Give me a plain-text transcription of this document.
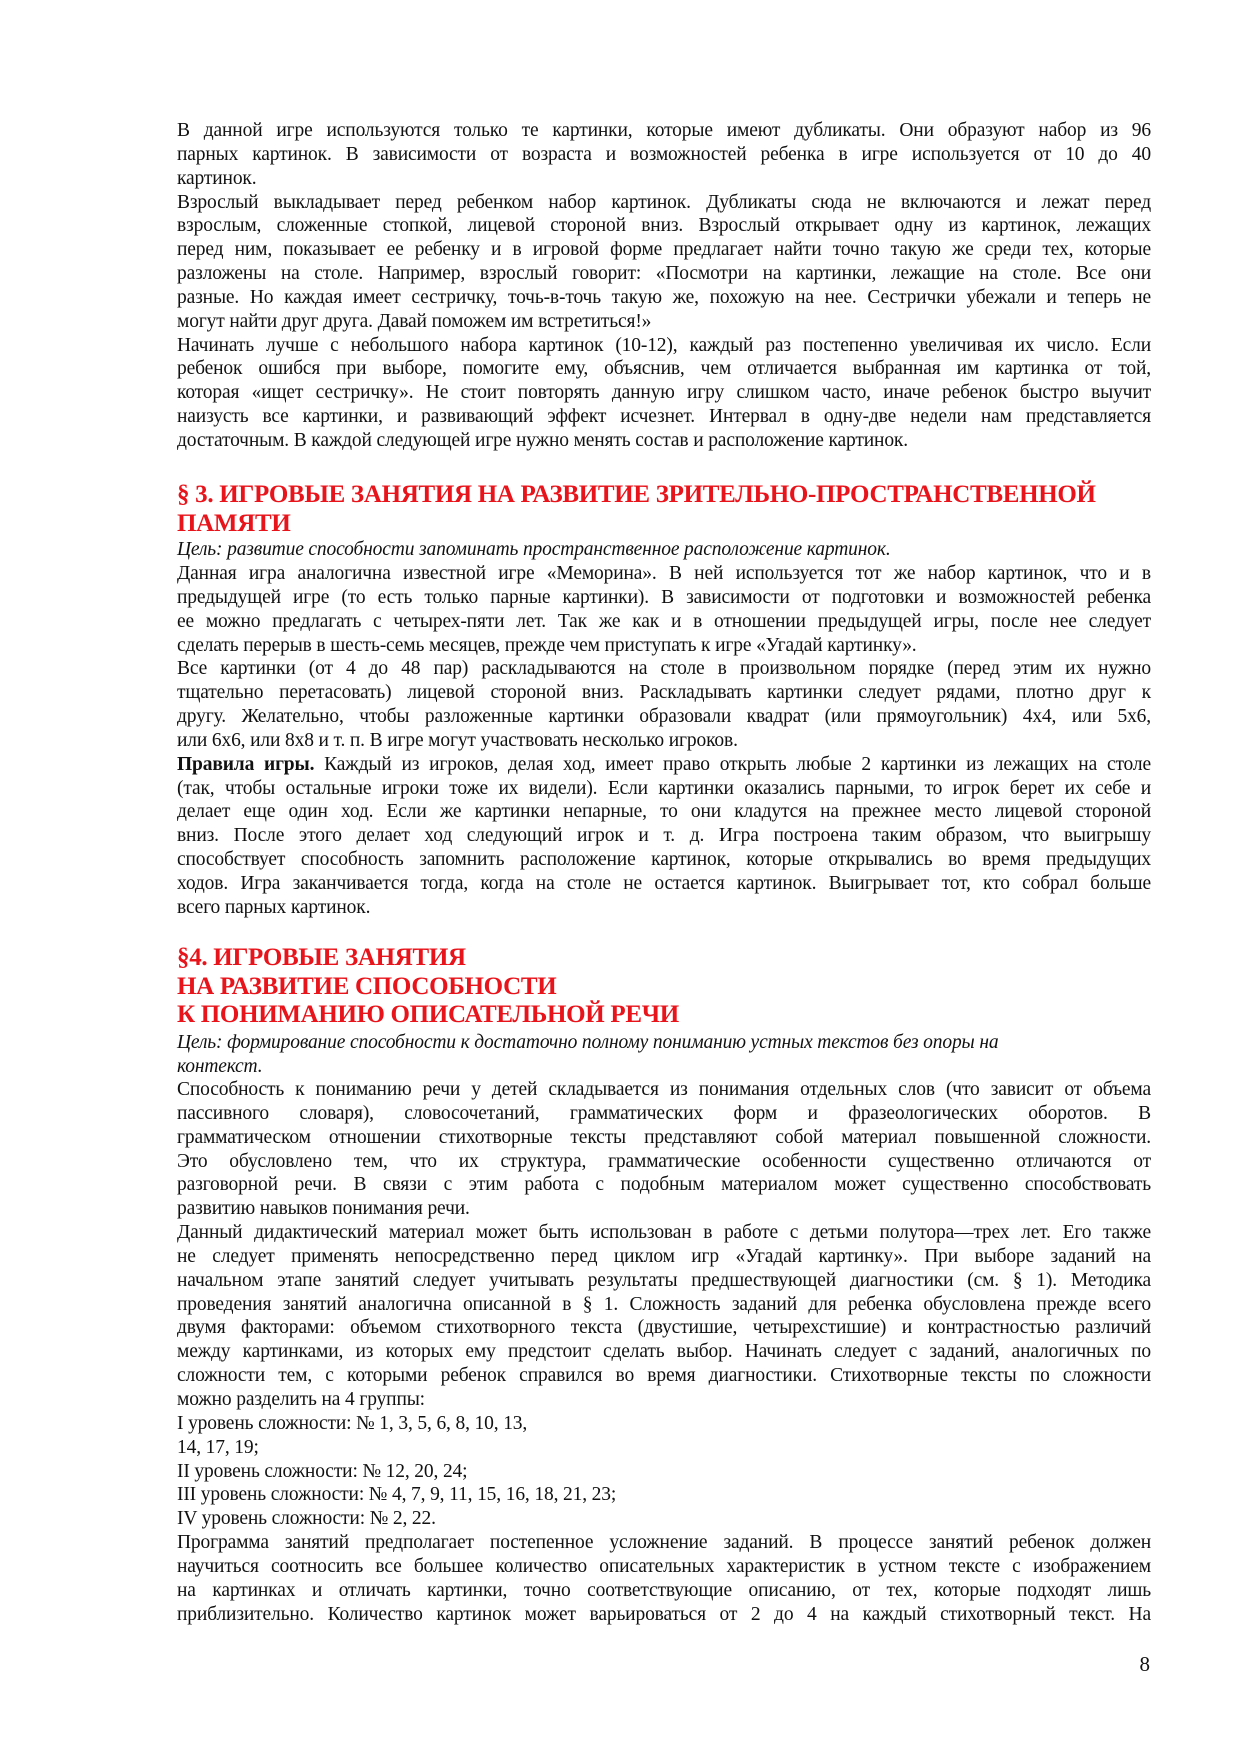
В данной игре используются только те картинки, которые имеют дубликаты. Они образуют набор из 96
парных картинок. В зависимости от возраста и возможностей ребенка в игре используется от 10 до 40
картинок.
Взрослый выкладывает перед ребенком набор картинок. Дубликаты сюда не включаются и лежат перед
взрослым, сложенные стопкой, лицевой стороной вниз. Взрослый открывает одну из картинок, лежащих
перед ним, показывает ее ребенку и в игровой форме предлагает найти точно такую же среди тех, которые
разложены на столе. Например, взрослый говорит: «Посмотри на картинки, лежащие на столе. Все они
разные. Но каждая имеет сестричку, точь-в-точь такую же, похожую на нее. Сестрички убежали и теперь не
могут найти друг друга. Давай поможем им встретиться!»
Начинать лучше с небольшого набора картинок (10-12), каждый раз постепенно увеличивая их число. Если
ребенок ошибся при выборе, помогите ему, объяснив, чем отличается выбранная им картинка от той,
которая «ищет сестричку». Не стоит повторять данную игру слишком часто, иначе ребенок быстро выучит
наизусть все картинки, и развивающий эффект исчезнет. Интервал в одну-две недели нам представляется
достаточным. В каждой следующей игре нужно менять состав и расположение картинок.
§ 3. ИГРОВЫЕ ЗАНЯТИЯ НА РАЗВИТИЕ ЗРИТЕЛЬНО-ПРОСТРАНСТВЕННОЙ
ПАМЯТИ
Цель: развитие способности запоминать пространственное расположение картинок.
Данная игра аналогична известной игре «Меморина». В ней используется тот же набор картинок, что и в
предыдущей игре (то есть только парные картинки). В зависимости от подготовки и возможностей ребенка
ее можно предлагать с четырех-пяти лет. Так же как и в отношении предыдущей игры, после нее следует
сделать перерыв в шесть-семь месяцев, прежде чем приступать к игре «Угадай картинку».
Все картинки (от 4 до 48 пар) раскладываются на столе в произвольном порядке (перед этим их нужно
тщательно перетасовать) лицевой стороной вниз. Раскладывать картинки следует рядами, плотно друг к
другу. Желательно, чтобы разложенные картинки образовали квадрат (или прямоугольник) 4x4, или 5x6,
или 6x6, или 8x8 и т. п. В игре могут участвовать несколько игроков.
Правила игры. Каждый из игроков, делая ход, имеет право открыть любые 2 картинки из лежащих на столе
(так, чтобы остальные игроки тоже их видели). Если картинки оказались парными, то игрок берет их себе и
делает еще один ход. Если же картинки непарные, то они кладутся на прежнее место лицевой стороной
вниз. После этого делает ход следующий игрок и т. д. Игра построена таким образом, что выигрышу
способствует способность запомнить расположение картинок, которые открывались во время предыдущих
ходов. Игра заканчивается тогда, когда на столе не остается картинок. Выигрывает тот, кто собрал больше
всего парных картинок.
§4. ИГРОВЫЕ ЗАНЯТИЯ
НА РАЗВИТИЕ СПОСОБНОСТИ
К ПОНИМАНИЮ ОПИСАТЕЛЬНОЙ РЕЧИ
Цель: формирование способности к достаточно полному пониманию устных текстов без опоры на
контекст.
Способность к пониманию речи у детей складывается из понимания отдельных слов (что зависит от объема
пассивного словаря), словосочетаний, грамматических форм и фразеологических оборотов. В
грамматическом отношении стихотворные тексты представляют собой материал повышенной сложности.
Это обусловлено тем, что их структура, грамматические особенности существенно отличаются от
разговорной речи. В связи с этим работа с подобным материалом может существенно способствовать
развитию навыков понимания речи.
Данный дидактический материал может быть использован в работе с детьми полутора—трех лет. Его также
не следует применять непосредственно перед циклом игр «Угадай картинку». При выборе заданий на
начальном этапе занятий следует учитывать результаты предшествующей диагностики (см. § 1). Методика
проведения занятий аналогична описанной в § 1. Сложность заданий для ребенка обусловлена прежде всего
двумя факторами: объемом стихотворного текста (двустишие, четырехстишие) и контрастностью различий
между картинками, из которых ему предстоит сделать выбор. Начинать следует с заданий, аналогичных по
сложности тем, с которыми ребенок справился во время диагностики. Стихотворные тексты по сложности
можно разделить на 4 группы:
I уровень сложности: № 1, 3, 5, 6, 8, 10, 13,
14, 17, 19;
II уровень сложности: № 12, 20, 24;
III уровень сложности: № 4, 7, 9, 11, 15, 16, 18, 21, 23;
IV уровень сложности: № 2, 22.
Программа занятий предполагает постепенное усложнение заданий. В процессе занятий ребенок должен
научиться соотносить все большее количество описательных характеристик в устном тексте с изображением
на картинках и отличать картинки, точно соответствующие описанию, от тех, которые подходят лишь
приблизительно. Количество картинок может варьироваться от 2 до 4 на каждый стихотворный текст. На
8
